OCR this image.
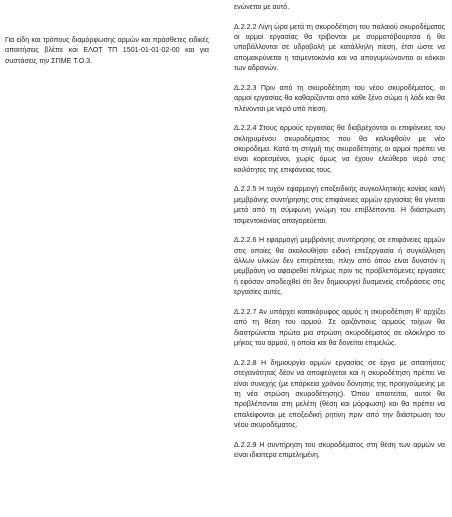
Για είδη και τρόπους διαμόρφωσης αρμών και πρόσθετες ειδικές απαιτήσεις βλέπε και ΕΛΟΤ ΤΠ 1501-01-01-02-00 και για συστάσεις την ΣΠΜΕ Τ.Ο.3.

ενώνεται με αυτό.

Δ.2.2.2 Λίγη ώρα μετά τη σκυροδέτηση του παλαιού σκυροδέματος οι αρμοί εργασίας θα τρίβονται με συρματόβουρτσα ή θα υποβάλλονται σε υδροβολή με κατάλληλη πίεση, έτσι ώστε να απομακρύνεται η τσιμεντοκονία και να απογυμνώνονται οι κόκκοι των αδρανών.

Δ.2.2.3 Πριν από τη σκυροδέτηση του νέου σκυροδέματος, οι αρμοί εργασίας θα καθαρίζονται από κάθε ξένο σώμα ή λάδι και θα πλένονται με νερό υπό πίεση.

Δ.2.2.4 Στους αρμούς εργασίας θα διαβρέχονται οι επιφάνειες του σκληρυμένου σκυροδέματος που θα καλυφθούν με νέο σκυρόδεμα. Κατά τη στιγμή της σκυροδέτησης οι αρμοί πρέπει να είναι κορεσμένοι, χωρίς όμως να έχουν ελεύθερο νερό στις κοιλότητες της επιφάνειας τους.

Δ.2.2.5 Η τυχόν εφαρμογή εποξειδικής συγκολλητικής κονίας και/ή μεμβράνης συντήρησης στις επιφάνειες αρμών εργασίας θα γίνεται μετά από τη σύμφωνη γνώμη του επιβλέποντα. Η διάστρωση τσιμεντοκονίας απαγορεύεται.

Δ.2.2.6 Η εφαρμογή μεμβράνης συντήρησης σε επιφάνειες αρμών στις οποίες θα ακολουθήσει ειδική επεξεργασία ή συγκόλληση άλλων υλικών δεν επιτρέπεται, πλην από όπου είναι δυνατόν η μεμβράνη να αφαιρεθεί πλήρως πριν τις προβλεπόμενες εργασίες ή εφόσον αποδειχθεί ότι δεν δημιουργεί δυσμενείς επιδράσεις στις εργασίες αυτές.

Δ.2.2.7 Αν υπάρχει κατακόρυφος αρμός η σκυροδέτηση θ' αρχίζει από τη θέση του αρμού. Σε οριζόντιους αρμούς τοίχων θα διαστρώνεται πρώτα μια στρώση σκυροδέματος σε ολόκληρο το μήκος του αρμού, η οποία και θα δονείται επιμελώς.

Δ.2.2.8 Η δημιουργία αρμών εργασίας σε έργα με απαιτήσεις στεγανότητας δέον να αποφεύγεται και η σκυροδέτηση πρέπει να είναι συνεχής (με επάρκεια χρόνου δόνησης της προηγούμενης με τη νέα στρώση σκυροδέτησης). Όπου απαιτείται, αυτοί θα προβλέπονται στη μελέτη (θέση και μόρφωση) και θα πρέπει να επαλείφονται με εποξειδική ρητίνη πριν από την διάστρωση του νέου σκυροδέματος.

Δ.2.2.9 Η συντήρηση του σκυροδέματος στη θέση των αρμών να είναι ιδιαίτερα επιμελημένη.
